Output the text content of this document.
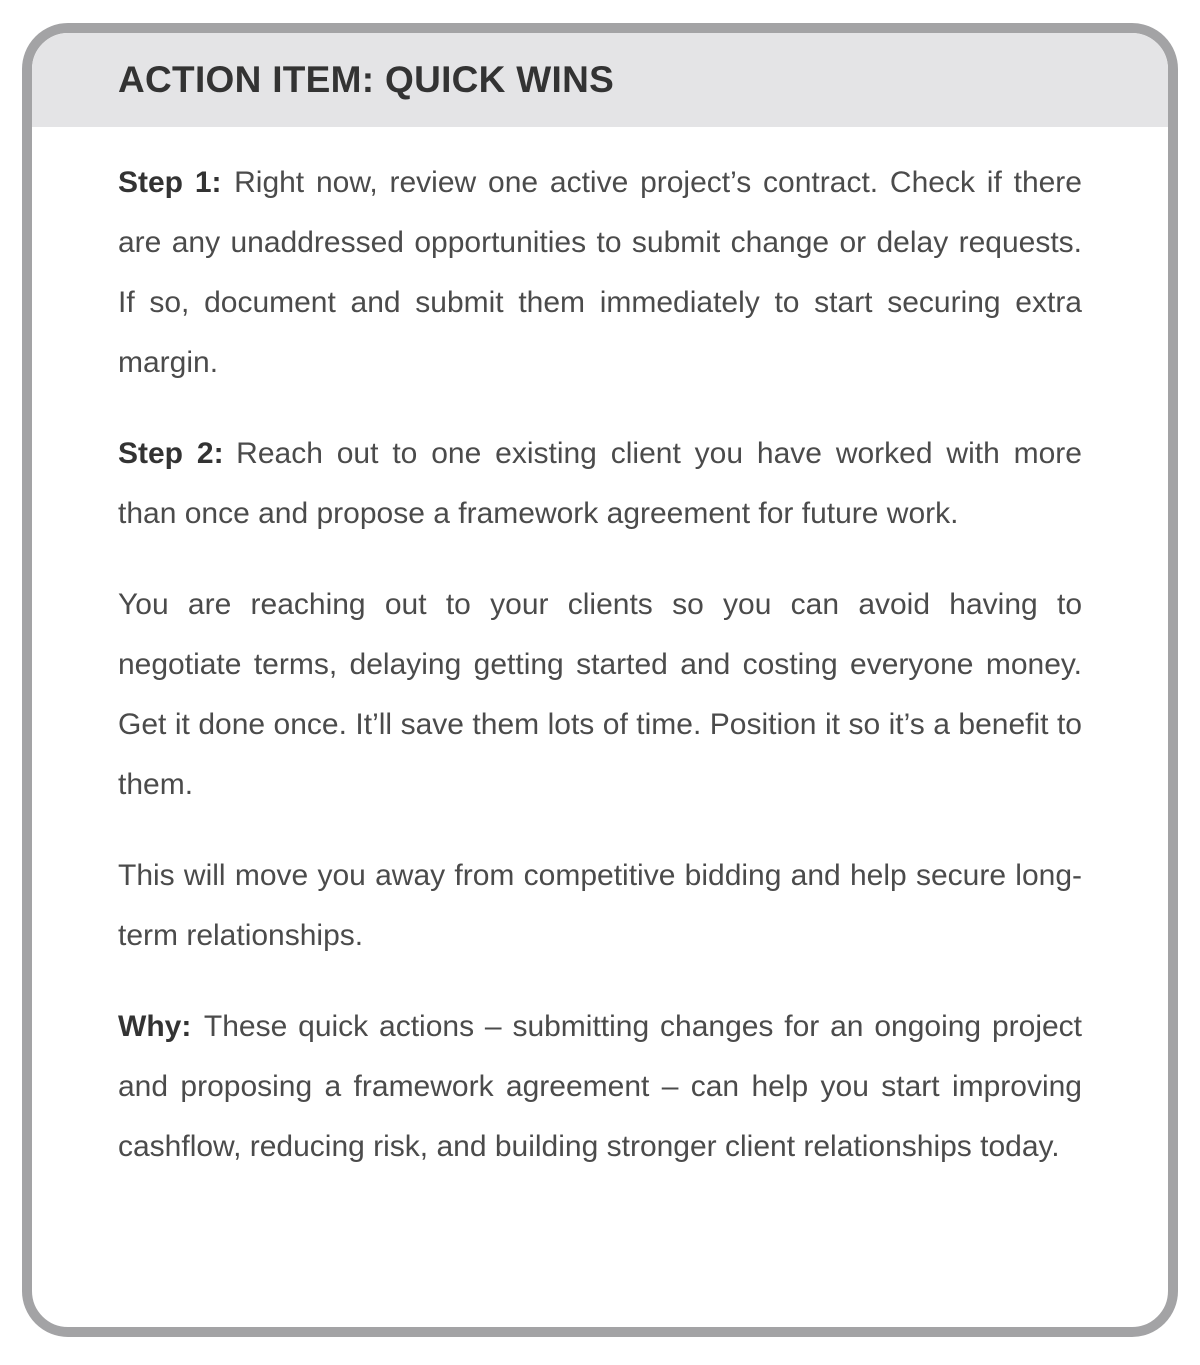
ACTION ITEM: QUICK WINS

Step 1: Right now, review one active project’s contract. Check if there are any unaddressed opportunities to submit change or delay requests. If so, document and submit them immediately to start securing extra margin.

Step 2: Reach out to one existing client you have worked with more than once and propose a framework agreement for future work.

You are reaching out to your clients so you can avoid having to negotiate terms, delaying getting started and costing everyone money. Get it done once. It’ll save them lots of time. Position it so it’s a benefit to them.

This will move you away from competitive bidding and help secure long-term relationships.

Why: These quick actions – submitting changes for an ongoing project and proposing a framework agreement – can help you start improving cashflow, reducing risk, and building stronger client relationships today.
